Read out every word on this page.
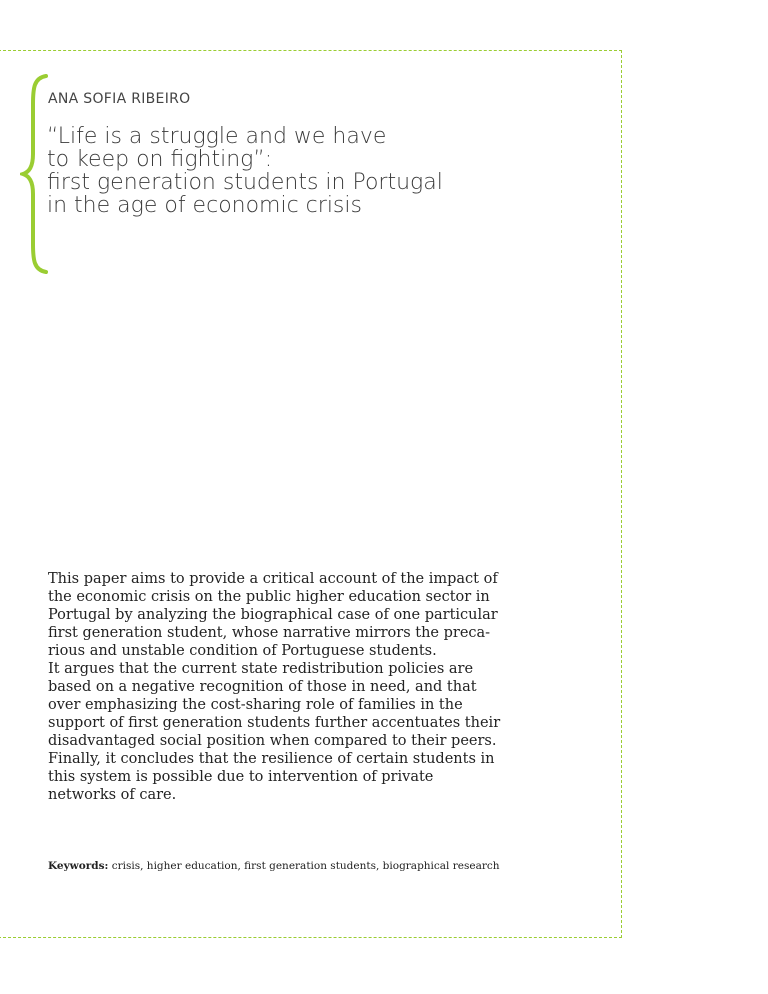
ANA SOFIA RIBEIRO
“Life is a struggle and we have
to keep on fighting”:
first generation students in Portugal
in the age of economic crisis
This paper aims to provide a critical account of the impact of
the economic crisis on the public higher education sector in
Portugal by analyzing the biographical case of one particular
first generation student, whose narrative mirrors the preca-
rious and unstable condition of Portuguese students.
It argues that the current state redistribution policies are
based on a negative recognition of those in need, and that
over emphasizing the cost-sharing role of families in the
support of first generation students further accentuates their
disadvantaged social position when compared to their peers.
Finally, it concludes that the resilience of certain students in
this system is possible due to intervention of private
networks of care.
Keywords: crisis, higher education, first generation students, biographical research
